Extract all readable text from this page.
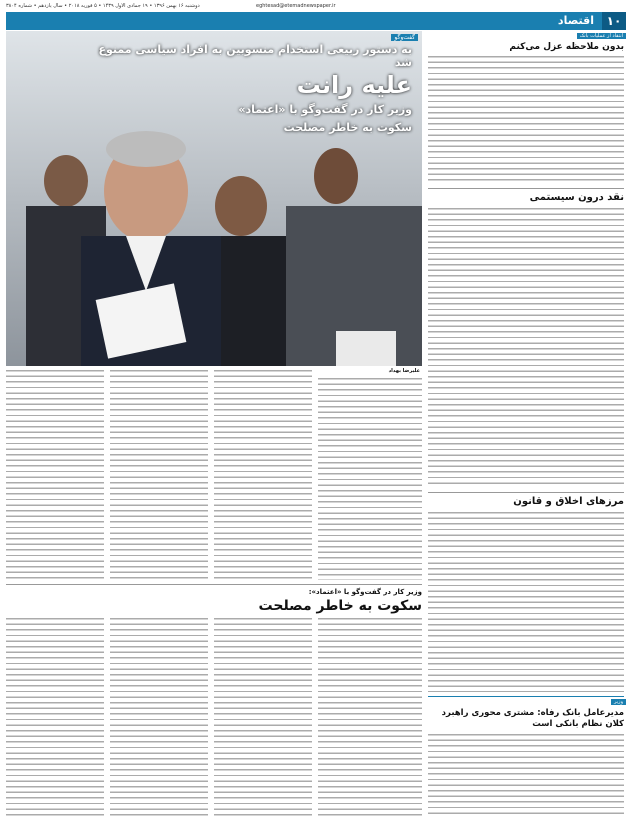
دوشنبه ۱۶ بهمن ۱۳۹۶ • ۱۹ جمادی الاول ۱۴۳۹ • ۵ فوریه ۲۰۱۸ • سال یازدهم • شماره ۳۸۰۴	eghtesad@etemadnewspaper.ir
۱۰
اقتصاد
گفت‌وگو
به دستور ربیعی استخدام منسوبین به افراد سیاسی ممنوع شد
علیه رانت
وزیر کار در گفت‌وگو با «اعتماد»
سکوت به خاطر مصلحت
انتقاد از عملیات بانک
بدون ملاحظه عزل می‌کنم
نقد درون سیستمی
مرزهای اخلاق و قانون
وزیر
مدیرعامل بانک رفاه: مشتری محوری راهبرد کلان نظام بانکی است
علیرضا بهداد
وزیر کار در گفت‌وگو با «اعتماد»:
سکوت به خاطر مصلحت
